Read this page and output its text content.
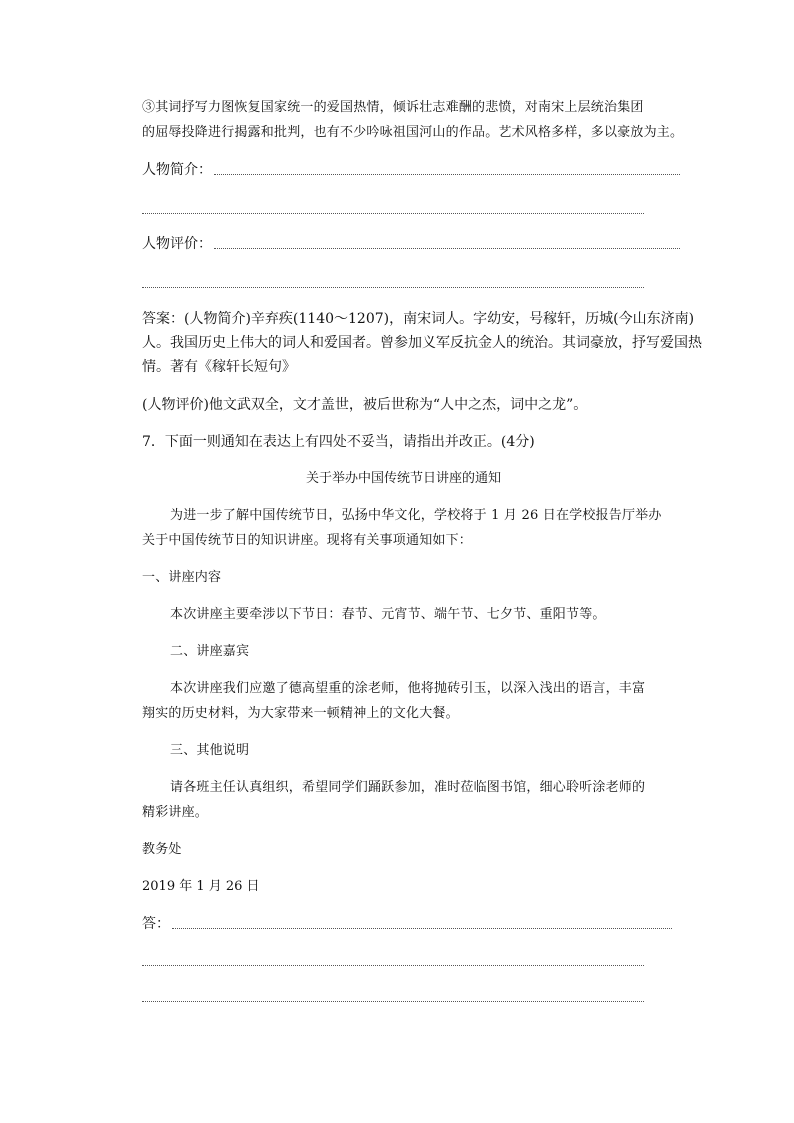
③其词抒写力图恢复国家统一的爱国热情，倾诉壮志难酬的悲愤，对南宋上层统治集团
的屈辱投降进行揭露和批判，也有不少吟咏祖国河山的作品。艺术风格多样，多以豪放为主。
人物简介：
人物评价：
答案：(人物简介)辛弃疾(1140～1207)，南宋词人。字幼安，号稼轩，历城(今山东济南)
人。我国历史上伟大的词人和爱国者。曾参加义军反抗金人的统治。其词豪放，抒写爱国热
情。著有《稼轩长短句》
(人物评价)他文武双全，文才盖世，被后世称为“人中之杰，词中之龙”。
7．下面一则通知在表达上有四处不妥当，请指出并改正。(4分)
关于举办中国传统节日讲座的通知
为进一步了解中国传统节日，弘扬中华文化，学校将于 1 月 26 日在学校报告厅举办
关于中国传统节日的知识讲座。现将有关事项通知如下：
一、讲座内容
本次讲座主要牵涉以下节日：春节、元宵节、端午节、七夕节、重阳节等。
二、讲座嘉宾
本次讲座我们应邀了德高望重的涂老师，他将抛砖引玉，以深入浅出的语言，丰富
翔实的历史材料，为大家带来一顿精神上的文化大餐。
三、其他说明
请各班主任认真组织，希望同学们踊跃参加，准时莅临图书馆，细心聆听涂老师的
精彩讲座。
教务处
2019 年 1 月 26 日
答：
